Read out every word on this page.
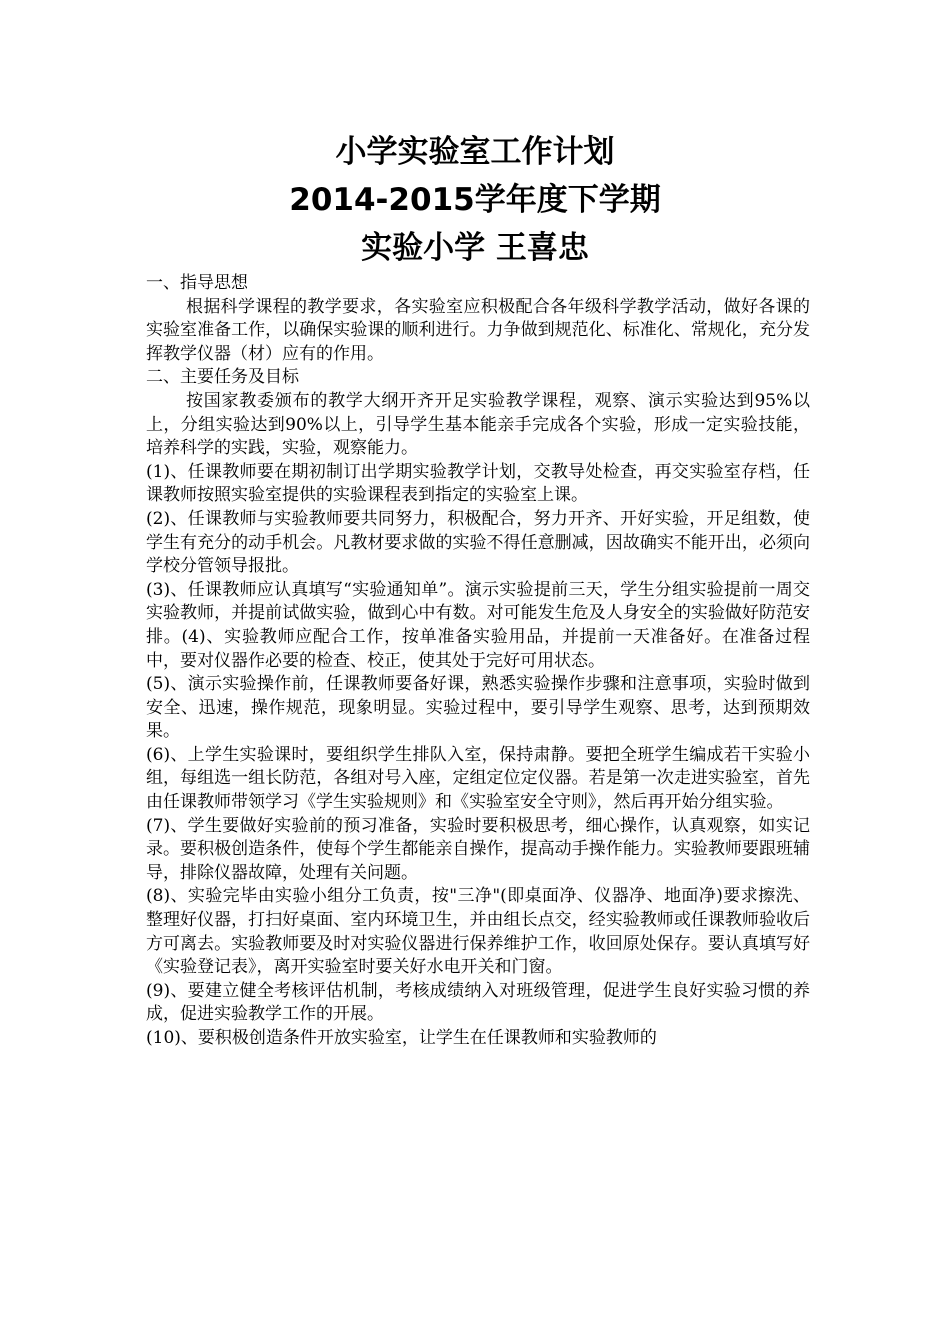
小学实验室工作计划
2014-2015学年度下学期
实验小学 王喜忠
一、指导思想

根据科学课程的教学要求，各实验室应积极配合各年级科学教学活动，做好各课的实验室准备工作，以确保实验课的顺利进行。力争做到规范化、标准化、常规化，充分发挥教学仪器（材）应有的作用。

二、主要任务及目标

按国家教委颁布的教学大纲开齐开足实验教学课程，观察、演示实验达到95%以上，分组实验达到90%以上，引导学生基本能亲手完成各个实验，形成一定实验技能，培养科学的实践，实验，观察能力。

(1)、任课教师要在期初制订出学期实验教学计划，交教导处检查，再交实验室存档，任课教师按照实验室提供的实验课程表到指定的实验室上课。

(2)、任课教师与实验教师要共同努力，积极配合，努力开齐、开好实验，开足组数，使学生有充分的动手机会。凡教材要求做的实验不得任意删减，因故确实不能开出，必须向学校分管领导报批。

(3)、任课教师应认真填写“实验通知单”。演示实验提前三天，学生分组实验提前一周交实验教师，并提前试做实验，做到心中有数。对可能发生危及人身安全的实验做好防范安排。(4)、实验教师应配合工作，按单准备实验用品，并提前一天准备好。在准备过程中，要对仪器作必要的检查、校正，使其处于完好可用状态。

(5)、演示实验操作前，任课教师要备好课，熟悉实验操作步骤和注意事项，实验时做到安全、迅速，操作规范，现象明显。实验过程中，要引导学生观察、思考，达到预期效果。

(6)、上学生实验课时，要组织学生排队入室，保持肃静。要把全班学生编成若干实验小组，每组选一组长防范，各组对号入座，定组定位定仪器。若是第一次走进实验室，首先由任课教师带领学习《学生实验规则》和《实验室安全守则》，然后再开始分组实验。

(7)、学生要做好实验前的预习准备，实验时要积极思考，细心操作，认真观察，如实记录。要积极创造条件，使每个学生都能亲自操作，提高动手操作能力。实验教师要跟班辅导，排除仪器故障，处理有关问题。

(8)、实验完毕由实验小组分工负责，按"三净"(即桌面净、仪器净、地面净)要求擦洗、整理好仪器，打扫好桌面、室内环境卫生，并由组长点交，经实验教师或任课教师验收后方可离去。实验教师要及时对实验仪器进行保养维护工作，收回原处保存。要认真填写好《实验登记表》，离开实验室时要关好水电开关和门窗。

(9)、要建立健全考核评估机制，考核成绩纳入对班级管理，促进学生良好实验习惯的养成，促进实验教学工作的开展。

(10)、要积极创造条件开放实验室，让学生在任课教师和实验教师的
